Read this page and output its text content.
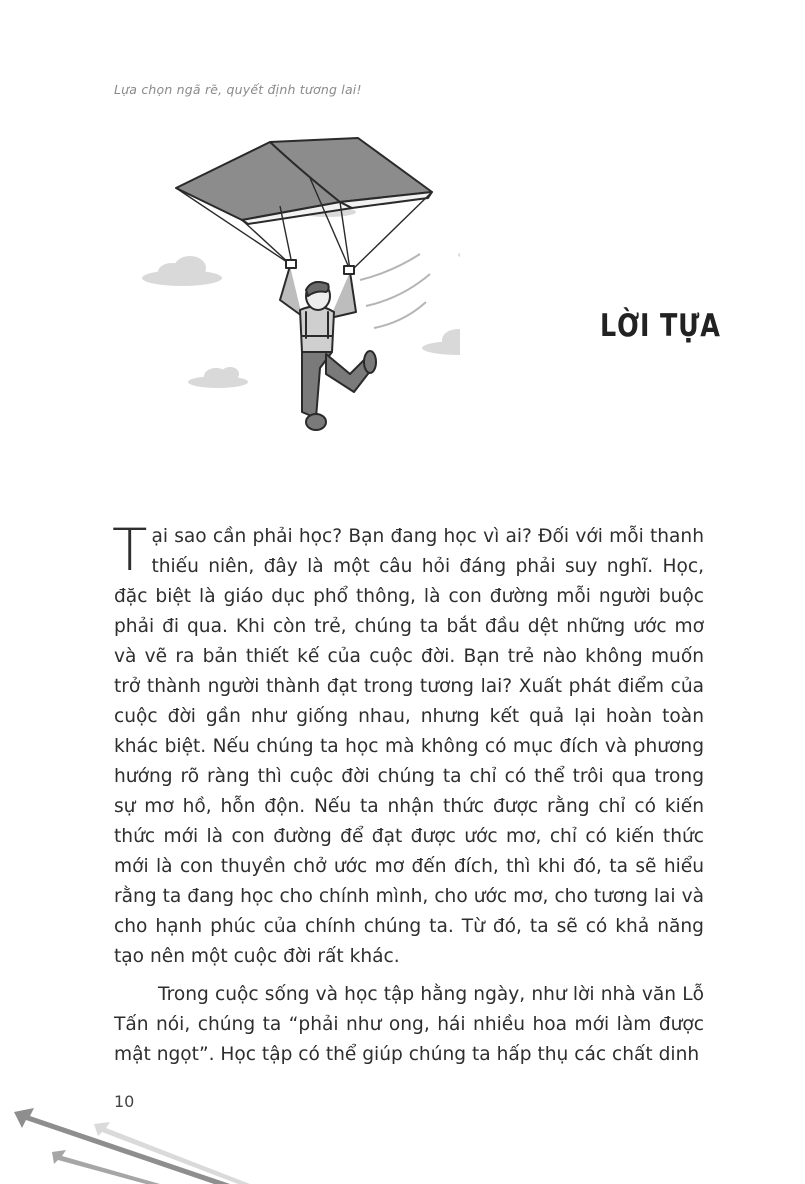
Lựa chọn ngã rẽ, quyết định tương lai!
LỜI TỰA

Tại sao cần phải học? Bạn đang học vì ai? Đối với mỗi thanh thiếu niên, đây là một câu hỏi đáng phải suy nghĩ. Học, đặc biệt là giáo dục phổ thông, là con đường mỗi người buộc phải đi qua. Khi còn trẻ, chúng ta bắt đầu dệt những ước mơ và vẽ ra bản thiết kế của cuộc đời. Bạn trẻ nào không muốn trở thành người thành đạt trong tương lai? Xuất phát điểm của cuộc đời gần như giống nhau, nhưng kết quả lại hoàn toàn khác biệt. Nếu chúng ta học mà không có mục đích và phương hướng rõ ràng thì cuộc đời chúng ta chỉ có thể trôi qua trong sự mơ hồ, hỗn độn. Nếu ta nhận thức được rằng chỉ có kiến thức mới là con đường để đạt được ước mơ, chỉ có kiến thức mới là con thuyền chở ước mơ đến đích, thì khi đó, ta sẽ hiểu rằng ta đang học cho chính mình, cho ước mơ, cho tương lai và cho hạnh phúc của chính chúng ta. Từ đó, ta sẽ có khả năng tạo nên một cuộc đời rất khác.

Trong cuộc sống và học tập hằng ngày, như lời nhà văn Lỗ Tấn nói, chúng ta “phải như ong, hái nhiều hoa mới làm được mật ngọt”. Học tập có thể giúp chúng ta hấp thụ các chất dinh

10
